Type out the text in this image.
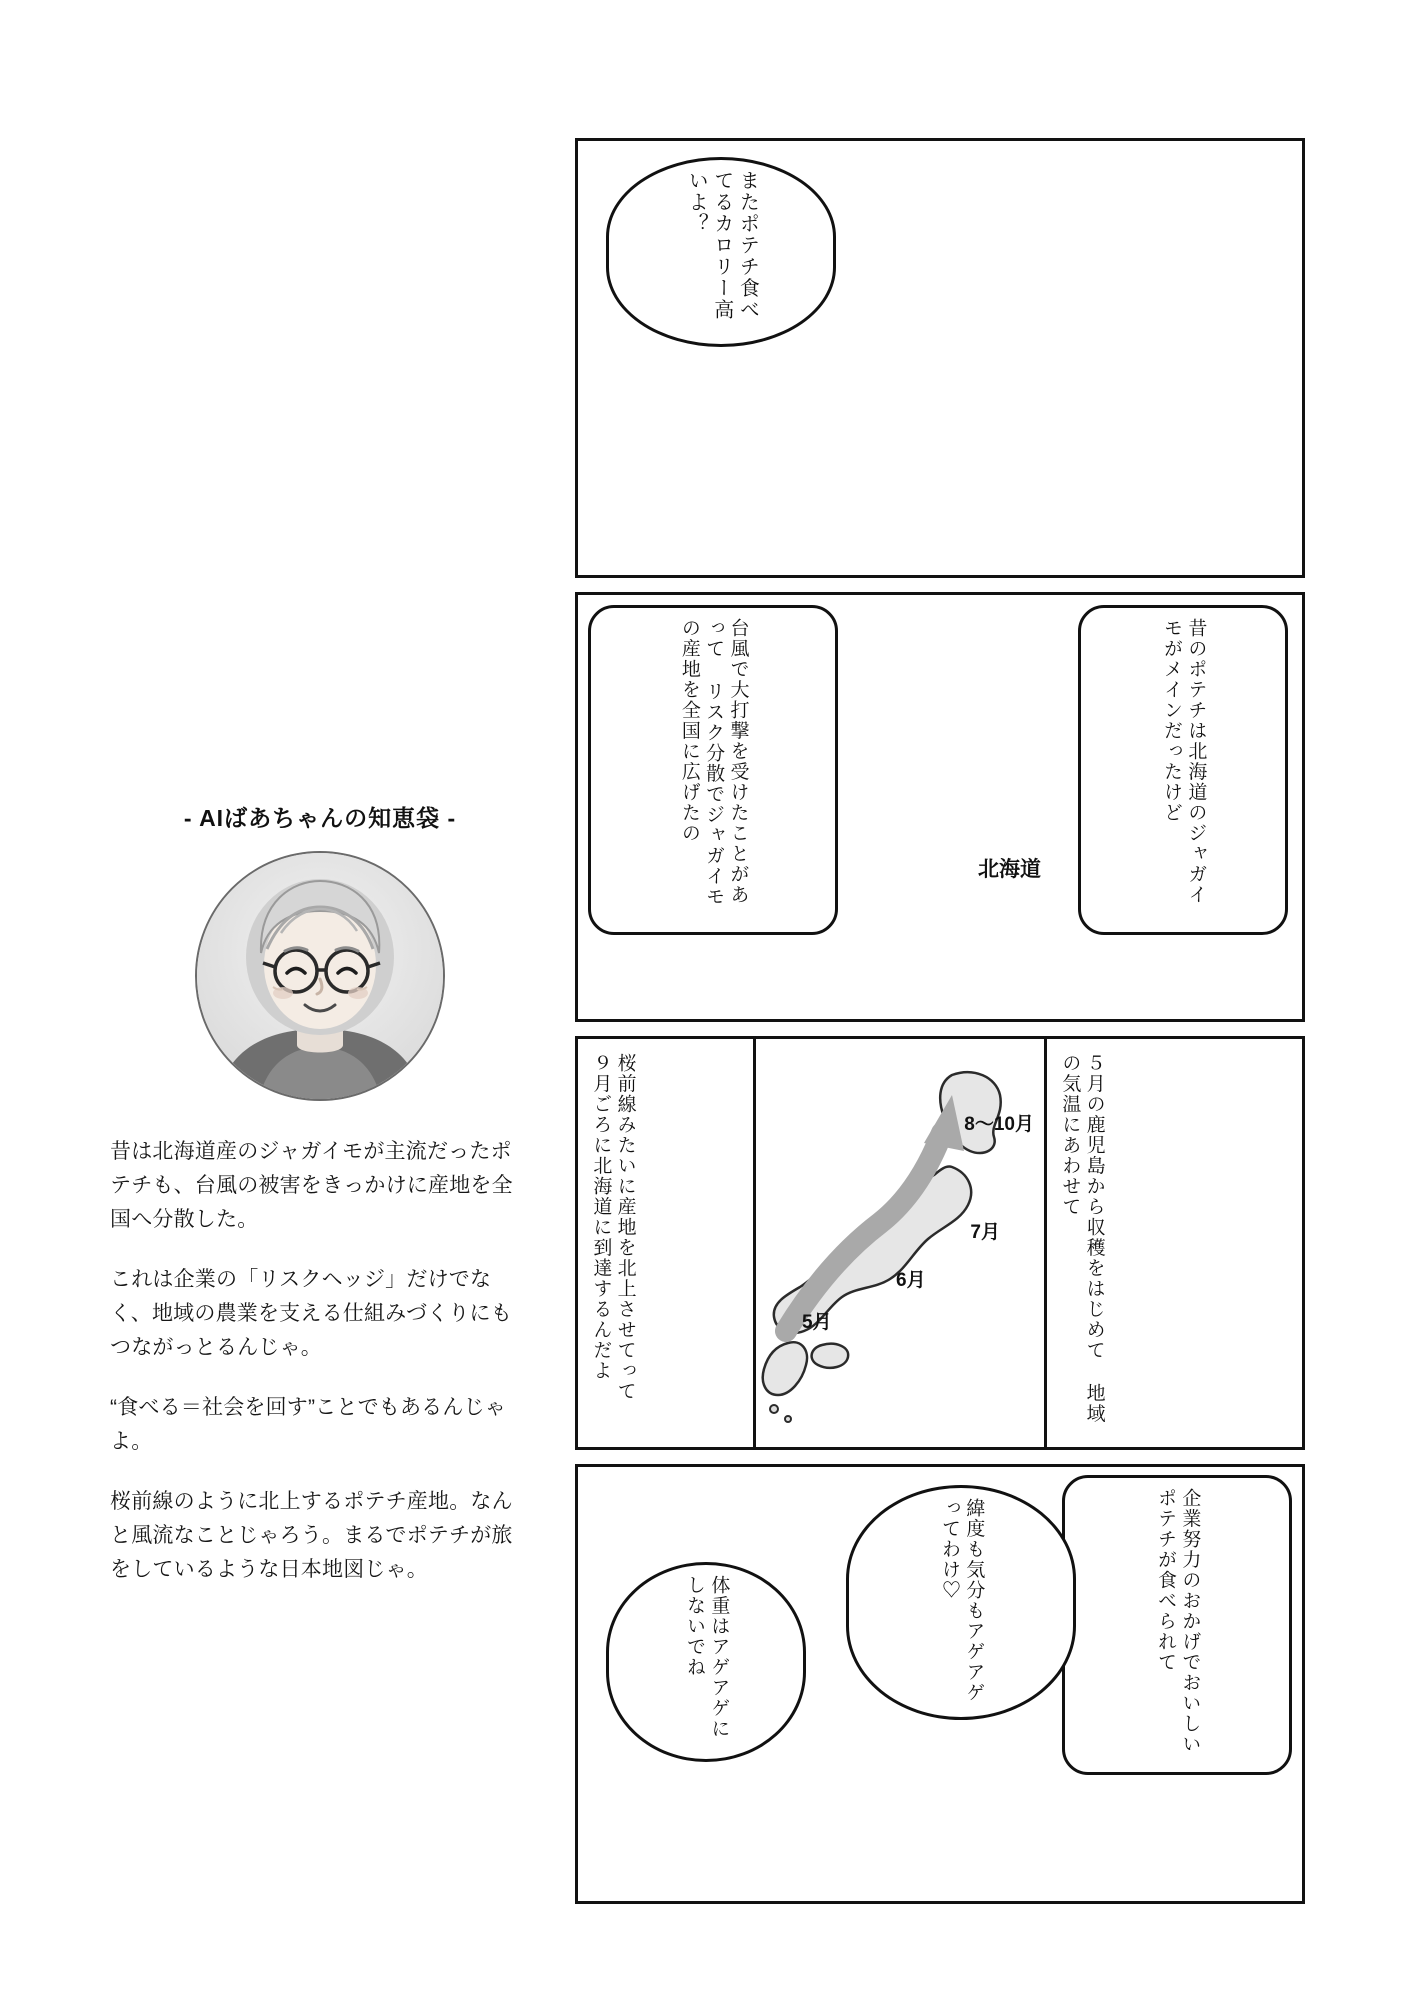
- AIばあちゃんの知恵袋 -

昔は北海道産のジャガイモが主流だったポテチも、台風の被害をきっかけに産地を全国へ分散した。

これは企業の「リスクヘッジ」だけでなく、地域の農業を支える仕組みづくりにもつながっとるんじゃ。

“食べる＝社会を回す”ことでもあるんじゃよ。

桜前線のように北上するポテチ産地。なんと風流なことじゃろう。まるでポテチが旅をしているような日本地図じゃ。

またポテチ食べてるカロリー高いよ？
北海道	昔のポテチは北海道のジャガイモがメインだったけど
台風で大打撃を受けたことがあって リスク分散でジャガイモの産地を全国に広げたの
桜前線みたいに産地を北上させてって ９月ごろに北海道に到達するんだよ	8〜10月
7月
6月
5月	５月の鹿児島から収穫をはじめて 地域の気温にあわせて
企業努力のおかげでおいしいポテチが食べられて
緯度も気分もアゲアゲってわけ♡
体重はアゲアゲにしないでね
